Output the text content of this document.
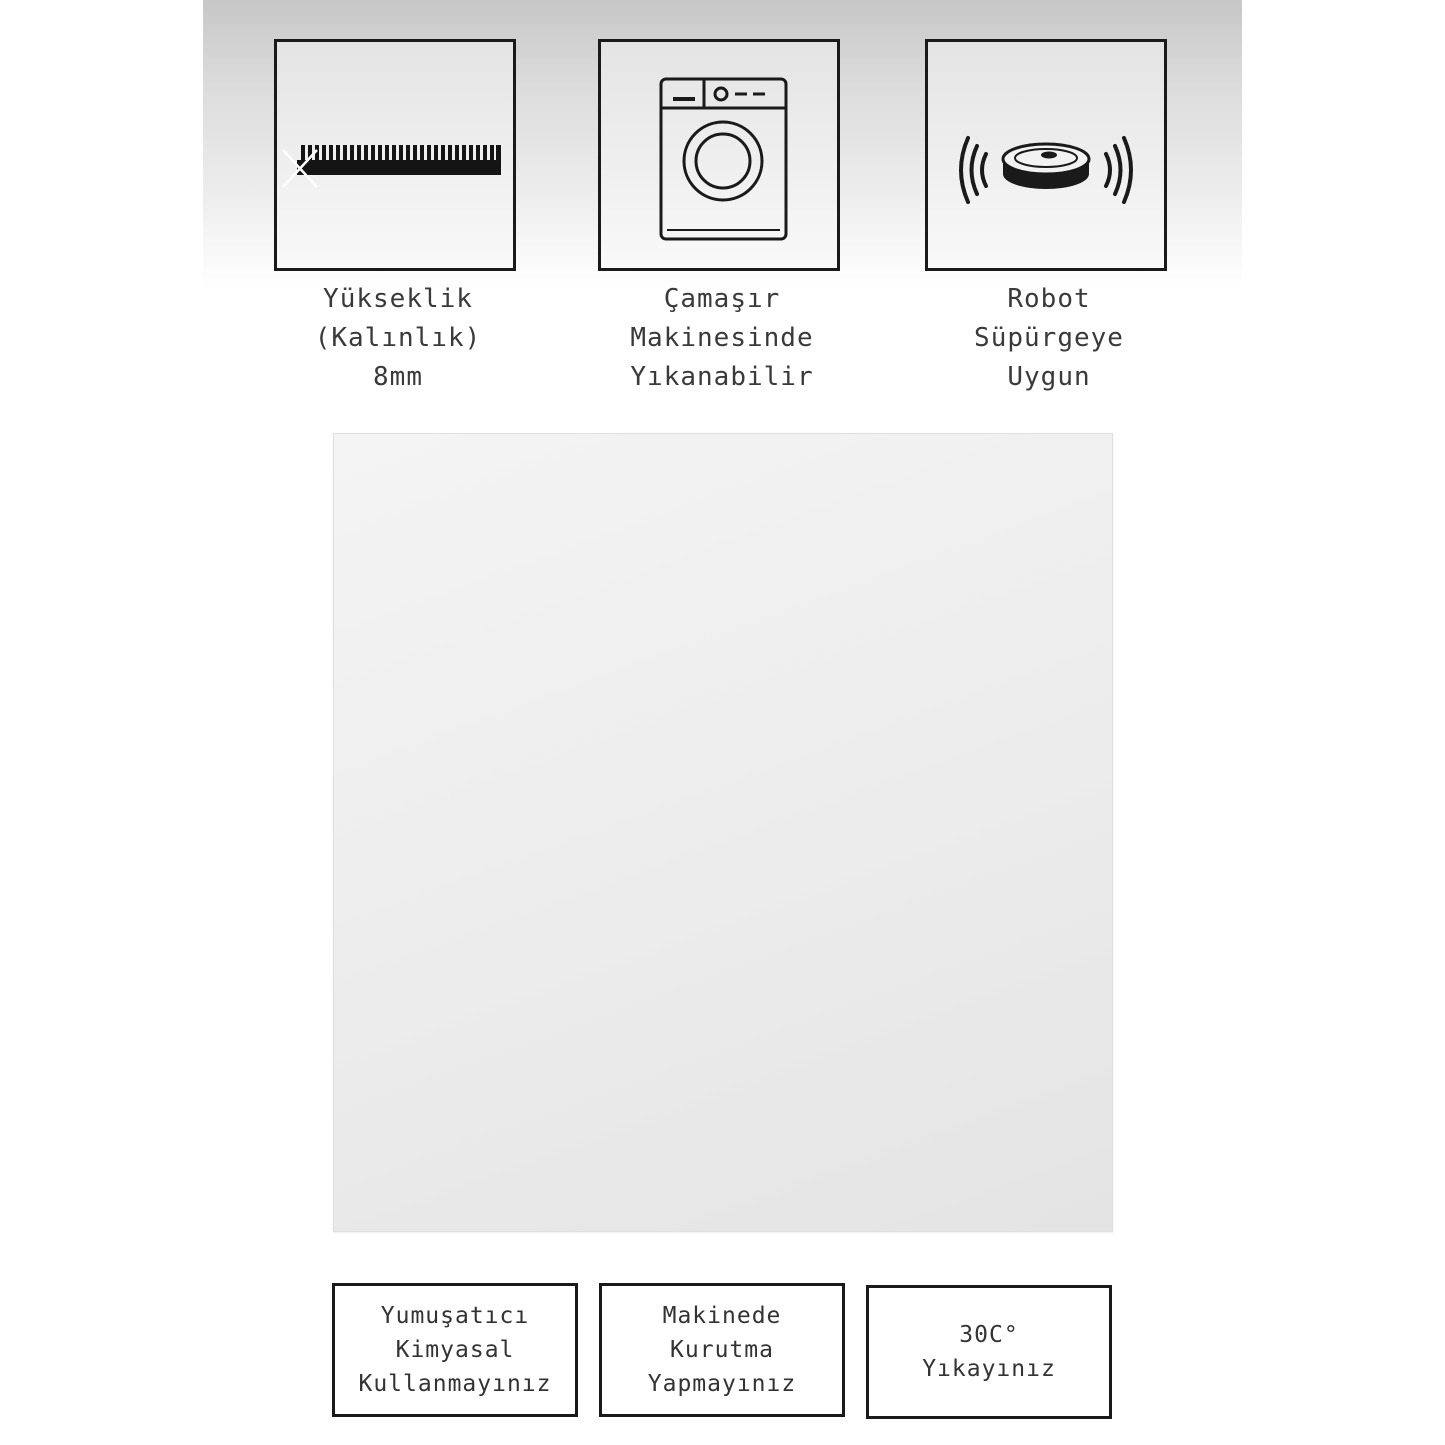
Yükseklik
(Kalınlık)
8mm
Çamaşır
Makinesinde
Yıkanabilir
Robot
Süpürgeye
Uygun
Yumuşatıcı
Kimyasal
Kullanmayınız
Makinede
Kurutma
Yapmayınız
30C°
Yıkayınız
